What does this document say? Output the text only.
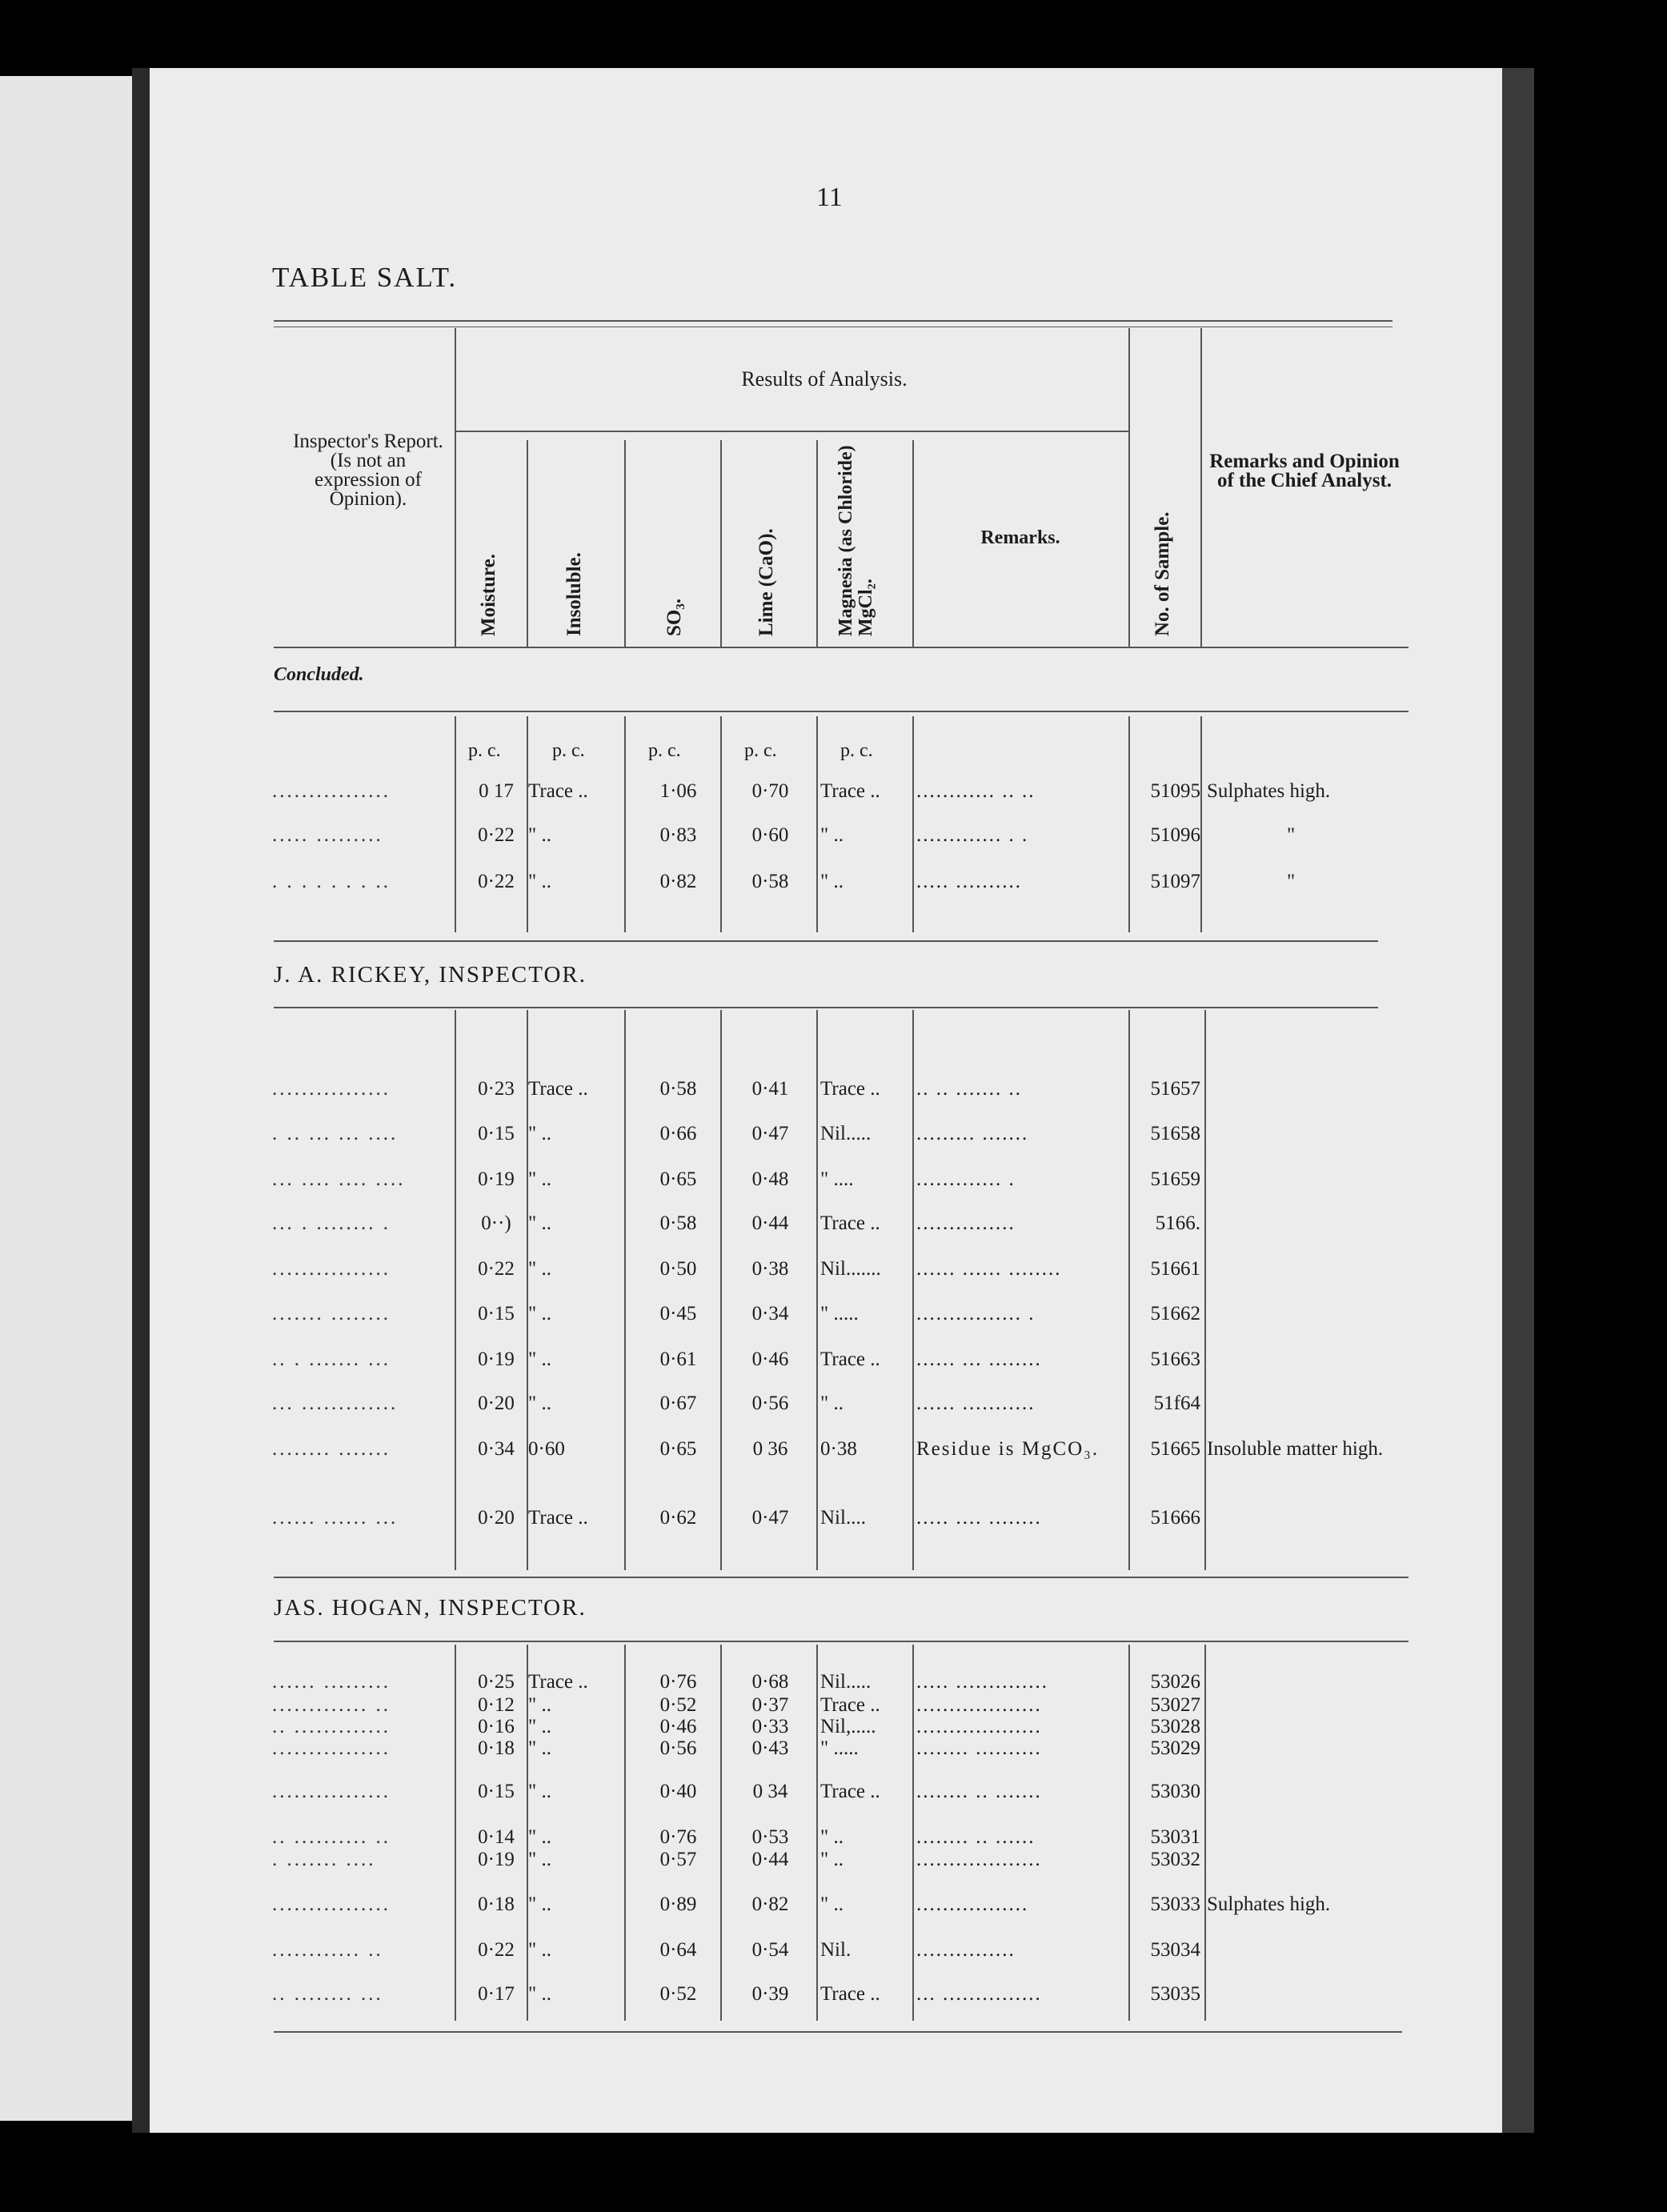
11
TABLE SALT.
Inspector's Report. (Is not an expression of Opinion).
Results of Analysis.
Moisture.	Insoluble.	SO₃.	Lime (CaO).	Magnesia (as Chloride) MgCl₂.
Remarks.	No. of Sample.
Remarks and Opinion of the Chief Analyst.
Concluded.
p. c.	p. c.	p. c.	p. c.	p. c.
................	0 17 Trace ..	1·06	0·70	Trace ..	............ .. ..	51095 Sulphates high.
..... .........	0·22 " ..	0·83	0·60	" ..	............. . .	51096	"
. . . . . . . ..	0·22 " ..	0·82	0·58	" ..	..... ..........	51097	"
J. A. RICKEY, INSPECTOR.
................	0·23 Trace ..	0·58	0·41	Trace ..	.. .. ....... ..	51657
. .. ... ... ....	0·15 " ..	0·66	0·47	Nil.....	......... .......	51658
... .... .... ....	0·19 " ..	0·65	0·48	" ....	............. .	51659
... . ........ .	0··) " ..	0·58	0·44	Trace ..	...............	5166.
................	0·22 " ..	0·50	0·38	Nil.......	...... ...... ........	51661
....... ........	0·15 " ..	0·45	0·34	" .....	................ .	51662
.. . ....... ...	0·19 " ..	0·61	0·46	Trace ..	...... ... ........	51663
... .............	0·20 " ..	0·67	0·56	" ..	...... ...........	51f64
........ .......	0·34 0·60	0·65	0 36	0·38	Residue is MgCO₃.	51665 Insoluble matter high.
...... ...... ...	0·20 Trace ..	0·62	0·47	Nil....	..... .... ........	51666
JAS. HOGAN, INSPECTOR.
...... .........	0·25 Trace ..	0·76	0·68	Nil.....	..... ..............	53026
............. ..	0·12 " ..	0·52	0·37	Trace ..	...................	53027
.. .............	0·16 " ..	0·46	0·33	Nil,.....	...................	53028
................	0·18 " ..	0·56	0·43	" .....	........ ..........	53029
................	0·15 " ..	0·40	0 34	Trace ..	........ .. .......	53030
.. .......... ..	0·14 " ..	0·76	0·53	" ..	........ .. ......	53031
. ....... ....	0·19 " ..	0·57	0·44	" ..	...................	53032
................	0·18 " ..	0·89	0·82	" ..	.................	53033 Sulphates high.
............ ..	0·22 " ..	0·64	0·54	Nil.	...............	53034
.. ........ ...	0·17 " ..	0·52	0·39	Trace ..	... ...............	53035
